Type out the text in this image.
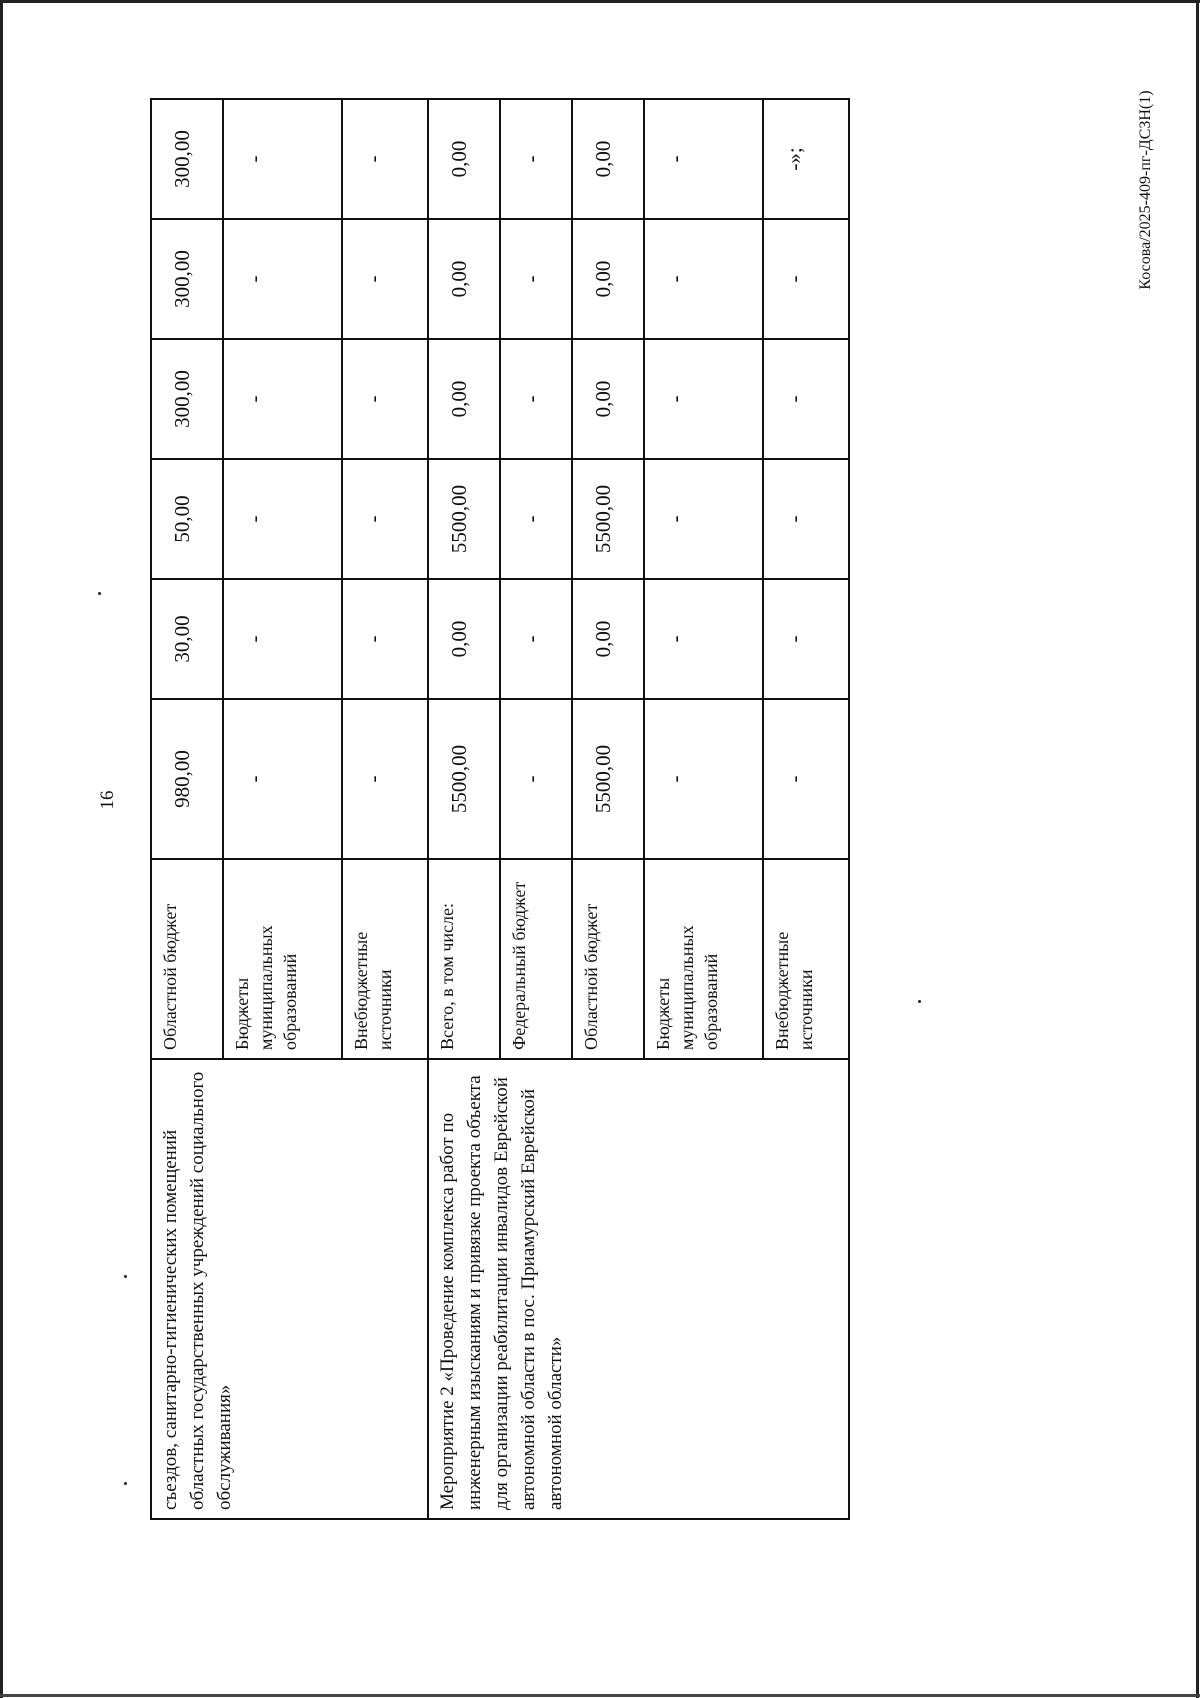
16
Косова/2025-409-пг-ДСЗН(1)
съездов, санитарно-гигиенических помещений областных государственных учреждений социального обслуживания»	Областной бюджет	980,00	30,00	50,00	300,00	300,00	300,00
	Бюджеты муниципальных образований	-	-	-	-	-	-
	Внебюджетные источники	-	-	-	-	-	-
Мероприятие 2 «Проведение комплекса работ по инженерным изысканиям и привязке проекта объекта для организации реабилитации инвалидов Еврейской автономной области в пос. Приамурский Еврейской автономной области»	Всего, в том числе:	5500,00	0,00	5500,00	0,00	0,00	0,00
	Федеральный бюджет	-	-	-	-	-	-
	Областной бюджет	5500,00	0,00	5500,00	0,00	0,00	0,00
	Бюджеты муниципальных образований	-	-	-	-	-	-
	Внебюджетные источники	-	-	-	-	-	-»;
